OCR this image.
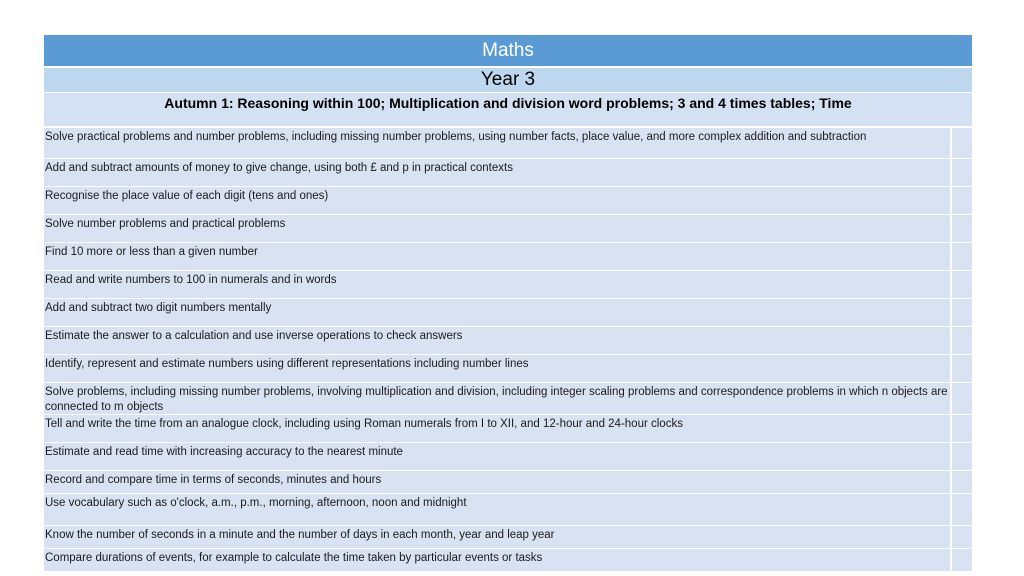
Maths
Year 3
Autumn 1: Reasoning within 100; Multiplication and division word problems; 3 and 4 times tables; Time
Solve practical problems and number problems, including missing number problems, using number facts, place value, and more complex addition and subtraction
Add and subtract amounts of money to give change, using both £ and p in practical contexts
Recognise the place value of each digit (tens and ones)
Solve number problems and practical problems
Find 10 more or less than a given number
Read and write numbers to 100 in numerals and in words
Add and subtract two digit numbers mentally
Estimate the answer to a calculation and use inverse operations to check answers
Identify, represent and estimate numbers using different representations including number lines
Solve problems, including missing number problems, involving multiplication and division, including integer scaling problems and correspondence problems in which n objects are connected to m objects
Tell and write the time from an analogue clock, including using Roman numerals from I to XII, and 12-hour and 24-hour clocks
Estimate and read time with increasing accuracy to the nearest minute
Record and compare time in terms of seconds, minutes and hours
Use vocabulary such as o'clock, a.m., p.m., morning, afternoon, noon and midnight
Know the number of seconds in a minute and the number of days in each month, year and leap year
Compare durations of events, for example to calculate the time taken by particular events or tasks
